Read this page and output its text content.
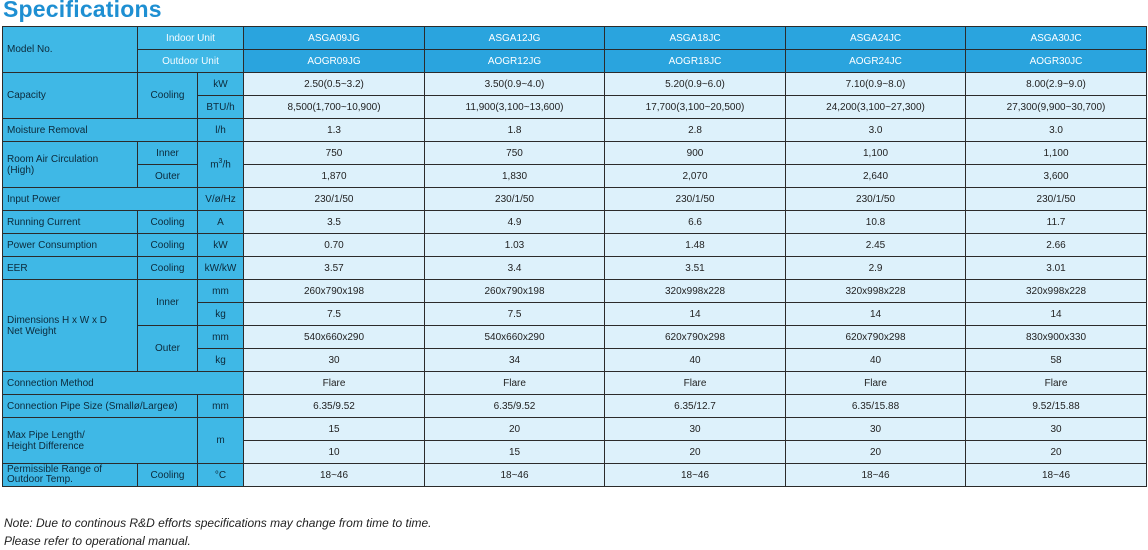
Specifications
Model No.	Indoor Unit		ASGA09JG	ASGA12JG	ASGA18JC	ASGA24JC	ASGA30JC
	Outdoor Unit		AOGR09JG	AOGR12JG	AOGR18JC	AOGR24JC	AOGR30JC
Capacity	Cooling	kW	2.50(0.5~3.2)	3.50(0.9~4.0)	5.20(0.9~6.0)	7.10(0.9~8.0)	8.00(2.9~9.0)
		BTU/h	8,500(1,700~10,900)	11,900(3,100~13,600)	17,700(3,100~20,500)	24,200(3,100~27,300)	27,300(9,900~30,700)
Moisture Removal		l/h	1.3	1.8	2.8	3.0	3.0
Room Air Circulation
(High)	Inner	$m^3/h$	750	750	900	1,100	1,100
	Outer		1,870	1,830	2,070	2,640	3,600
Input Power		V/ø/Hz	230/1/50	230/1/50	230/1/50	230/1/50	230/1/50
Running Current	Cooling	A	3.5	4.9	6.6	10.8	11.7
Power Consumption	Cooling	kW	0.70	1.03	1.48	2.45	2.66
EER	Cooling	kW/kW	3.57	3.4	3.51	2.9	3.01
Dimensions H x W x D
Net Weight	Inner	mm	260x790x198	260x790x198	320x998x228	320x998x228	320x998x228
		kg	7.5	7.5	14	14	14
	Outer	mm	540x660x290	540x660x290	620x790x298	620x790x298	830x900x330
		kg	30	34	40	40	58
Connection Method			Flare	Flare	Flare	Flare	Flare
Connection Pipe Size (Smallø/Largeø)		mm	6.35/9.52	6.35/9.52	6.35/12.7	6.35/15.88	9.52/15.88
Max Pipe Length/
Height Difference		m	15	20	30	30	30
			10	15	20	20	20
Permissible Range of
Outdoor Temp.	Cooling	°C	18~46	18~46	18~46	18~46	18~46
Note: Due to continous R&D efforts specifications may change from time to time.
Please refer to operational manual.
